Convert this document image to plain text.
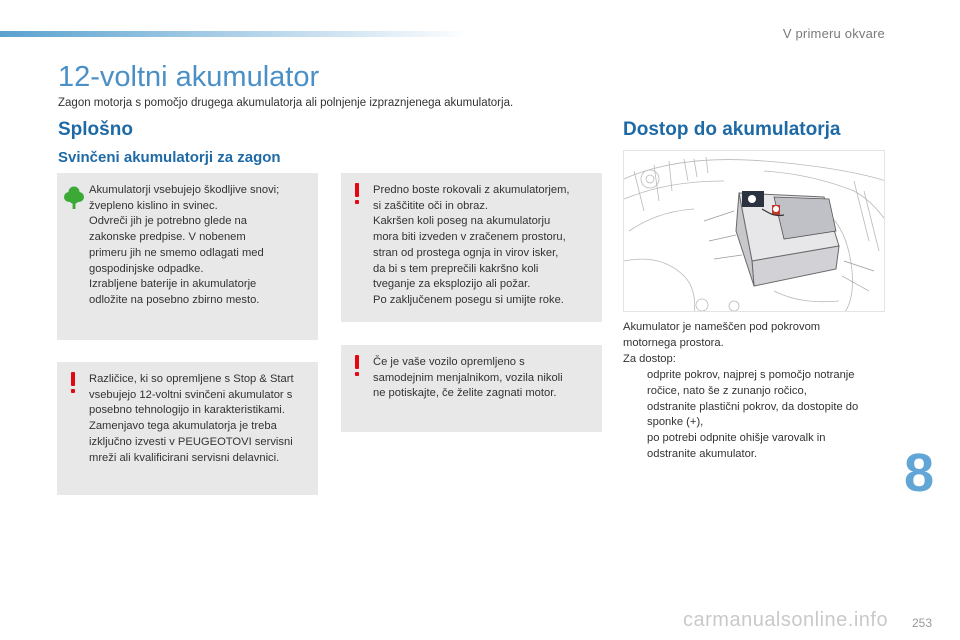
V primeru okvare
12-voltni akumulator
Zagon motorja s pomočjo drugega akumulatorja ali polnjenje izpraznjenega akumulatorja.
Splošno
Svinčeni akumulatorji za zagon

Akumulatorji vsebujejo škodljive snovi;

žvepleno kislino in svinec.

Odvreči jih je potrebno glede na

zakonske predpise. V nobenem

primeru jih ne smemo odlagati med

gospodinjske odpadke.

Izrabljene baterije in akumulatorje

odložite na posebno zbirno mesto.

Predno boste rokovali z akumulatorjem,

si zaščitite oči in obraz.

Kakršen koli poseg na akumulatorju

mora biti izveden v zračenem prostoru,

stran od prostega ognja in virov isker,

da bi s tem preprečili kakršno koli

tveganje za eksplozijo ali požar.

Po zaključenem posegu si umijte roke.

Različice, ki so opremljene s Stop & Start

vsebujejo 12-voltni svinčeni akumulator s

posebno tehnologijo in karakteristikami.

Zamenjavo tega akumulatorja je treba

izključno izvesti v PEUGEOTOVI servisni

mreži ali kvalificirani servisni delavnici.

Če je vaše vozilo opremljeno s

samodejnim menjalnikom, vozila nikoli

ne potiskajte, če želite zagnati motor.

Dostop do akumulatorja

Akumulator je nameščen pod pokrovom

motornega prostora.

Za dostop:

odprite pokrov, najprej s pomočjo notranje

ročice, nato še z zunanjo ročico,

odstranite plastični pokrov, da dostopite do

sponke (+),

po potrebi odpnite ohišje varovalk in

odstranite akumulator.	8
carmanualsonline.info 253
